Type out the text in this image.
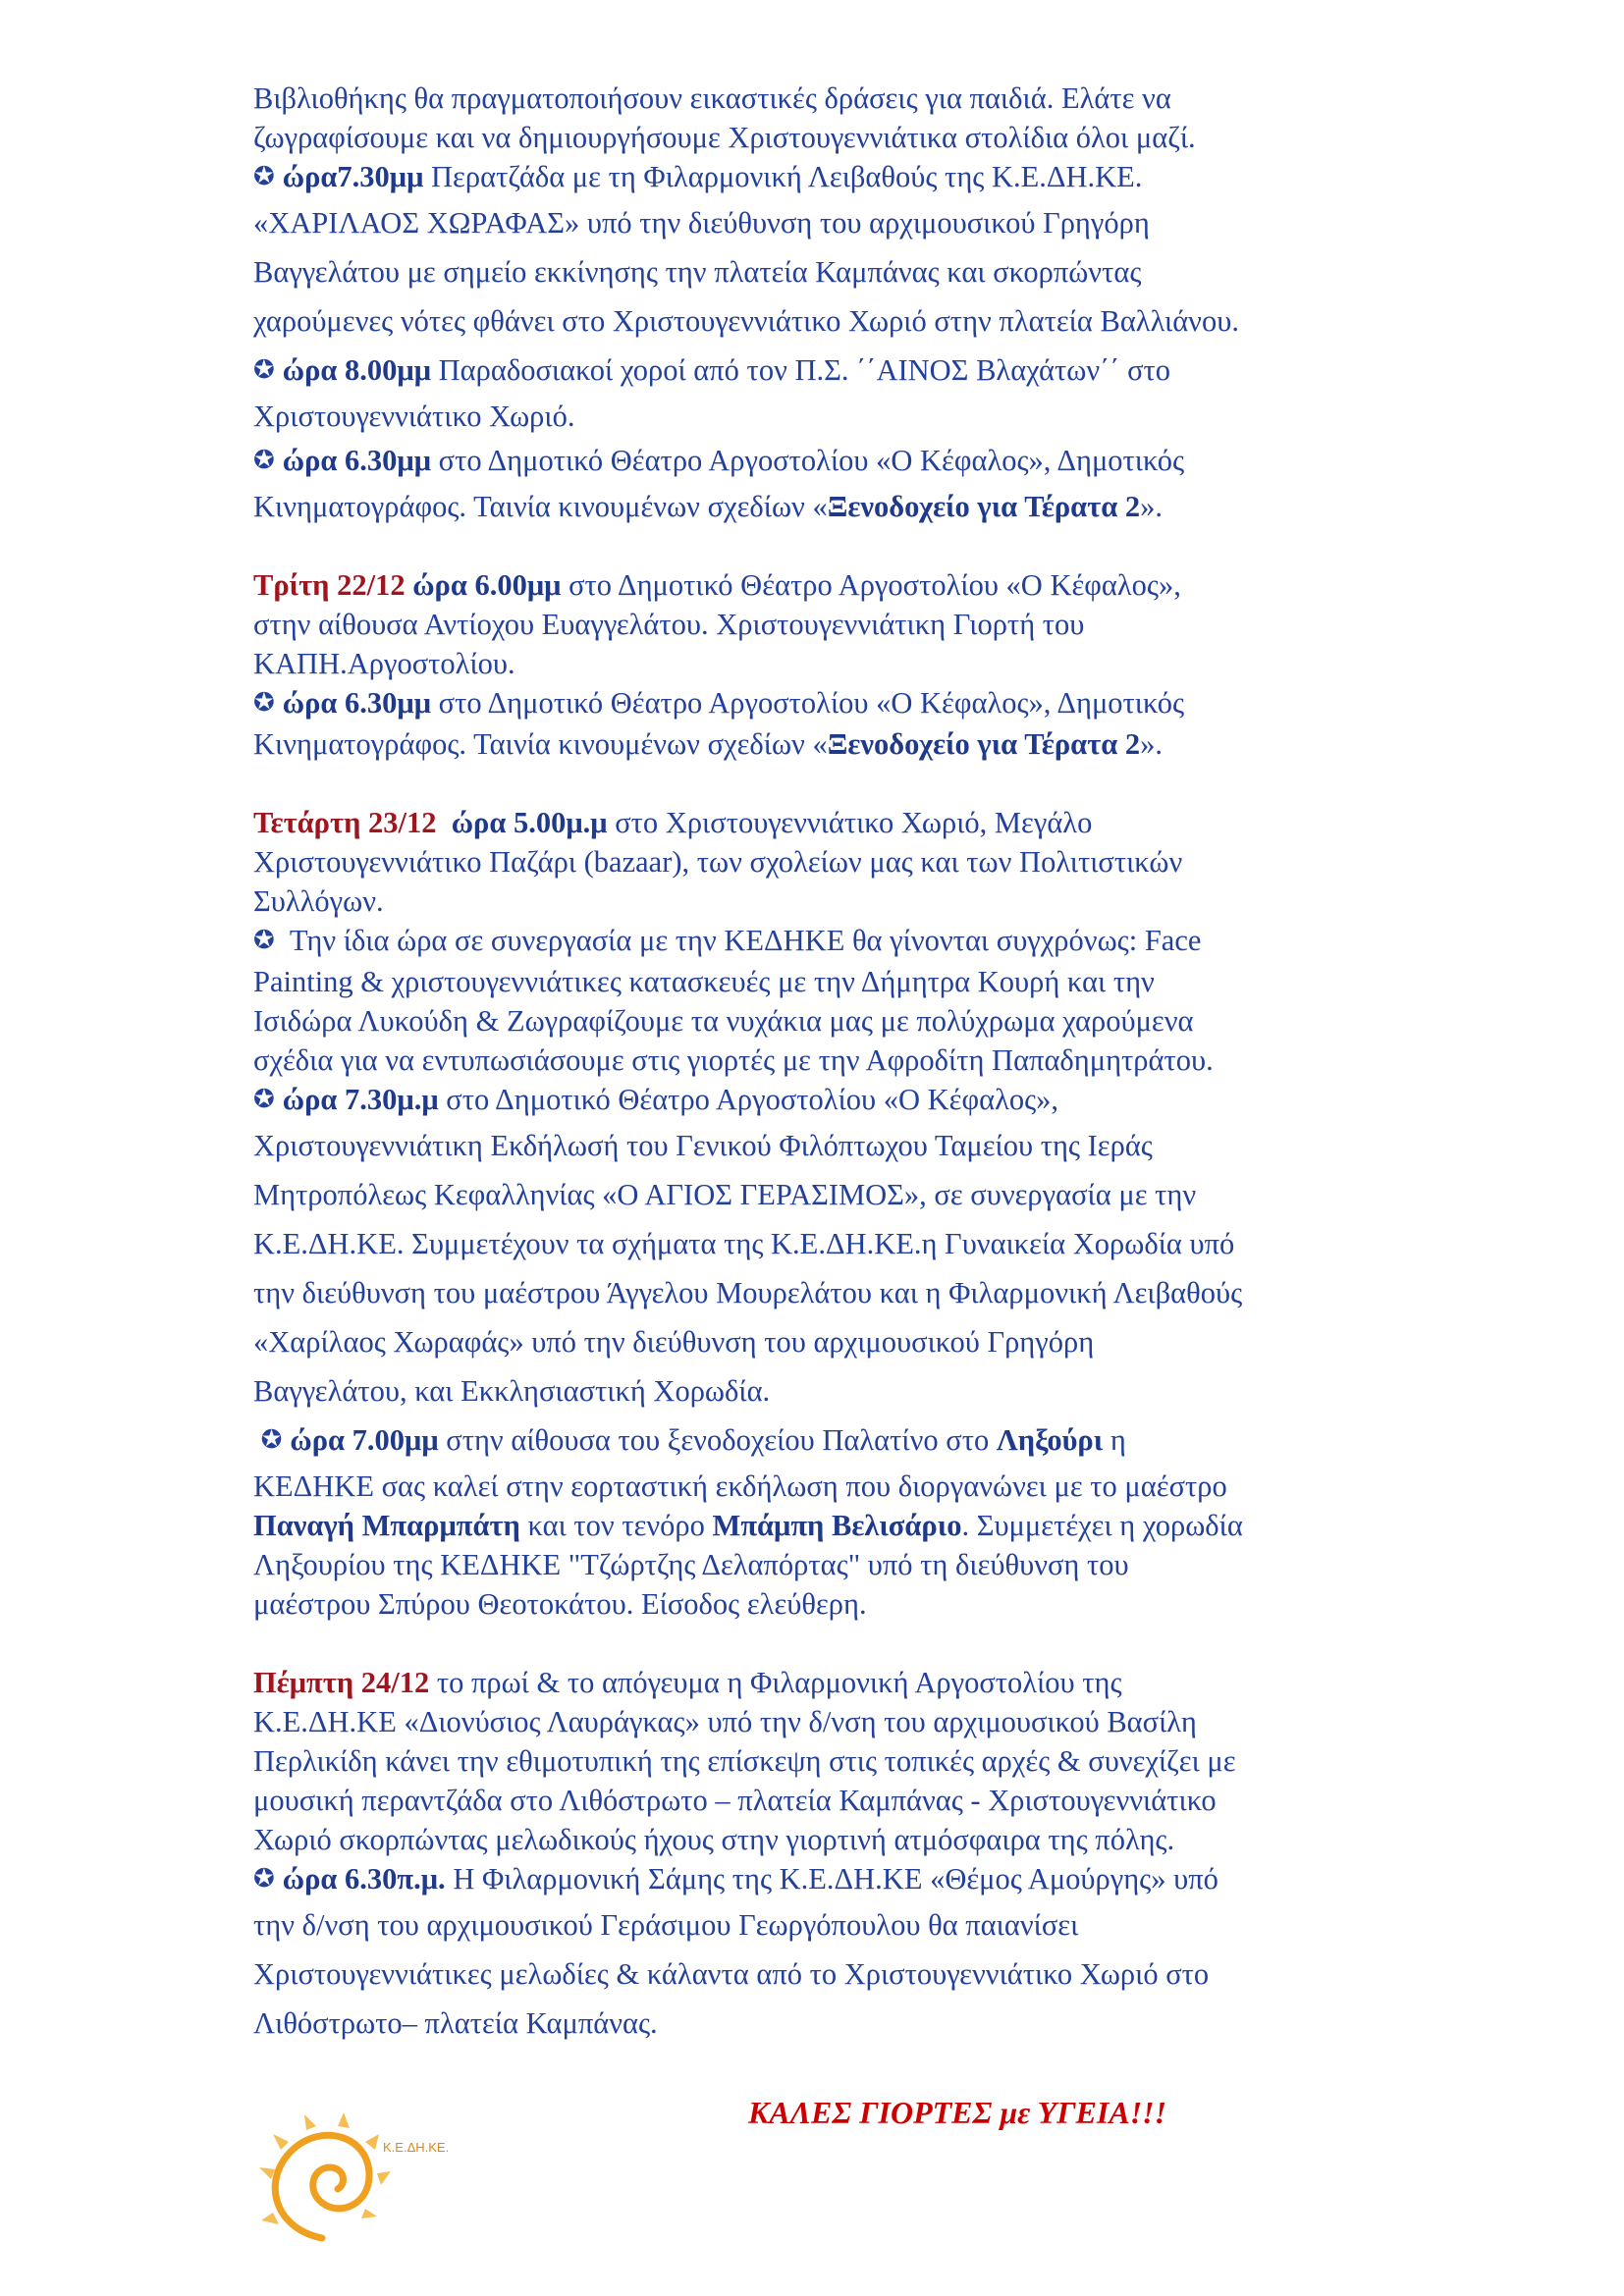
Βιβλιοθήκης θα πραγματοποιήσουν εικαστικές δράσεις για παιδιά. Ελάτε να
ζωγραφίσουμε και να δημιουργήσουμε Χριστουγεννιάτικα στολίδια όλοι μαζί.
✪ ώρα7.30μμ Περατζάδα με τη Φιλαρμονική Λειβαθούς της Κ.Ε.ΔΗ.ΚΕ.
«ΧΑΡΙΛΑΟΣ ΧΩΡΑΦΑΣ» υπό την διεύθυνση του αρχιμουσικού Γρηγόρη
Βαγγελάτου με σημείο εκκίνησης την πλατεία Καμπάνας και σκορπώντας
χαρούμενες νότες φθάνει στο Χριστουγεννιάτικο Χωριό στην πλατεία Βαλλιάνου.
✪ ώρα 8.00μμ Παραδοσιακοί χοροί από τον Π.Σ. ΄΄ΑΙΝΟΣ Βλαχάτων΄΄ στο
Χριστουγεννιάτικο Χωριό.
✪ ώρα 6.30μμ στο Δημοτικό Θέατρο Αργοστολίου «Ο Κέφαλος», Δημοτικός
Κινηματογράφος. Ταινία κινουμένων σχεδίων «Ξενοδοχείο για Τέρατα 2».
Τρίτη 22/12 ώρα 6.00μμ στο Δημοτικό Θέατρο Αργοστολίου «Ο Κέφαλος»,
στην αίθουσα Αντίοχου Ευαγγελάτου. Χριστουγεννιάτικη Γιορτή του
ΚΑΠΗ.Αργοστολίου.
✪ ώρα 6.30μμ στο Δημοτικό Θέατρο Αργοστολίου «Ο Κέφαλος», Δημοτικός
Κινηματογράφος. Ταινία κινουμένων σχεδίων «Ξενοδοχείο για Τέρατα 2».
Τετάρτη 23/12 ώρα 5.00μ.μ στο Χριστουγεννιάτικο Χωριό, Μεγάλο
Χριστουγεννιάτικο Παζάρι (bazaar), των σχολείων μας και των Πολιτιστικών
Συλλόγων.
✪ Την ίδια ώρα σε συνεργασία με την ΚΕΔΗΚΕ θα γίνονται συγχρόνως: Face
Painting & χριστουγεννιάτικες κατασκευές με την Δήμητρα Κουρή και την
Ισιδώρα Λυκούδη & Ζωγραφίζουμε τα νυχάκια μας με πολύχρωμα χαρούμενα
σχέδια για να εντυπωσιάσουμε στις γιορτές με την Αφροδίτη Παπαδημητράτου.
✪ ώρα 7.30μ.μ στο Δημοτικό Θέατρο Αργοστολίου «Ο Κέφαλος»,
Χριστουγεννιάτικη Εκδήλωσή του Γενικού Φιλόπτωχου Ταμείου της Ιεράς
Μητροπόλεως Κεφαλληνίας «Ο ΑΓΙΟΣ ΓΕΡΑΣΙΜΟΣ», σε συνεργασία με την
Κ.Ε.ΔΗ.ΚΕ. Συμμετέχουν τα σχήματα της Κ.Ε.ΔΗ.ΚΕ.η Γυναικεία Χορωδία υπό
την διεύθυνση του μαέστρου Άγγελου Μουρελάτου και η Φιλαρμονική Λειβαθούς
«Χαρίλαος Χωραφάς» υπό την διεύθυνση του αρχιμουσικού Γρηγόρη
Βαγγελάτου, και Εκκλησιαστική Χορωδία.
✪ ώρα 7.00μμ στην αίθουσα του ξενοδοχείου Παλατίνο στο Ληξούρι η
ΚΕΔΗΚΕ σας καλεί στην εορταστική εκδήλωση που διοργανώνει με το μαέστρο
Παναγή Μπαρμπάτη και τον τενόρο Μπάμπη Βελισάριο. Συμμετέχει η χορωδία
Ληξουρίου της ΚΕΔΗΚΕ "Τζώρτζης Δελαπόρτας" υπό τη διεύθυνση του
μαέστρου Σπύρου Θεοτοκάτου. Είσοδος ελεύθερη.
Πέμπτη 24/12 το πρωί & το απόγευμα η Φιλαρμονική Αργοστολίου της
Κ.Ε.ΔΗ.ΚΕ «Διονύσιος Λαυράγκας» υπό την δ/νση του αρχιμουσικού Βασίλη
Περλικίδη κάνει την εθιμοτυπική της επίσκεψη στις τοπικές αρχές & συνεχίζει με
μουσική περαντζάδα στο Λιθόστρωτο – πλατεία Καμπάνας - Χριστουγεννιάτικο
Χωριό σκορπώντας μελωδικούς ήχους στην γιορτινή ατμόσφαιρα της πόλης.
✪ ώρα 6.30π.μ. Η Φιλαρμονική Σάμης της Κ.Ε.ΔΗ.ΚΕ «Θέμος Αμούργης» υπό
την δ/νση του αρχιμουσικού Γεράσιμου Γεωργόπουλου θα παιανίσει
Χριστουγεννιάτικες μελωδίες & κάλαντα από το Χριστουγεννιάτικο Χωριό στο
Λιθόστρωτο– πλατεία Καμπάνας.
ΚΑΛΕΣ ΓΙΟΡΤΕΣ με ΥΓΕΙΑ!!!
Κ.Ε.ΔΗ.ΚΕ.
